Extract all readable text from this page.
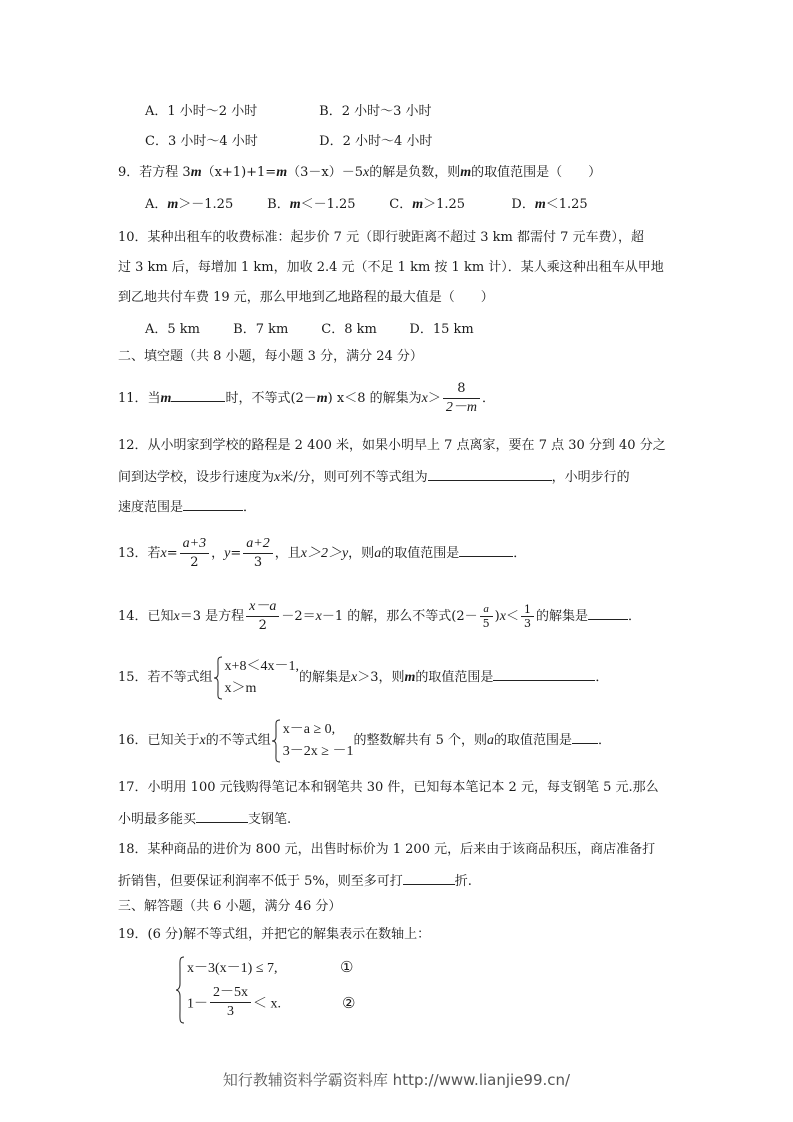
A．1 小时～2 小时	B．2 小时～3 小时
C．3 小时～4 小时	D．2 小时～4 小时
9．若方程 3m（x+1)+1=m（3－x）－5x的解是负数，则m的取值范围是（　　）
A．m＞－1.25	B．m＜－1.25	C．m＞1.25	D．m＜1.25
10．某种出租车的收费标准：起步价 7 元（即行驶距离不超过 3 km 都需付 7 元车费），超
过 3 km 后，每增加 1 km，加收 2.4 元（不足 1 km 按 1 km 计）．某人乘这种出租车从甲地
到乙地共付车费 19 元，那么甲地到乙地路程的最大值是（　　）
A．5 km	B．7 km	C．8 km	D．15 km
二、填空题（共 8 小题，每小题 3 分，满分 24 分）
11．当m	时，不等式(2－m) x＜8 的解集为$x> \frac{8}{2-m}$ ．
12．从小明家到学校的路程是 2 400 米，如果小明早上 7 点离家，要在 7 点 30 分到 40 分之
间到达学校，设步行速度为x米/分，则可列不等式组为	，小明步行的
速度范围是	．
13．若$x= \frac{a+3}{2}$ ，$y= \frac{a+2}{3}$ ，且x＞2＞y，则a的取值范围是	．
14．已知x＝3 是方程 $\frac{x-a}{2} -2=x-1$ 的解，那么不等式$(2- \frac{a}{5} )x< \frac{1}{3}$ 的解集是	．
15．若不等式组
x+8＜4x－1,
x＞m
的解集是x＞3，则m的取值范围是	．
16．已知关于x的不等式组
x－a ≥ 0,
3－2x ≥ －1
的整数解共有 5 个，则a的取值范围是 ．
17．小明用 100 元钱购得笔记本和钢笔共 30 件，已知每本笔记本 2 元，每支钢笔 5 元.那么
小明最多能买	支钢笔.
18．某种商品的进价为 800 元，出售时标价为 1 200 元，后来由于该商品积压，商店准备打
折销售，但要保证利润率不低于 5%，则至多可打	折.
三、解答题（共 6 小题，满分 46 分）
19．(6 分)解不等式组，并把它的解集表示在数轴上：
x－3(x－1) ≤ 7,
$1- \frac{2-5x}{3} < x$.
①
②
知行教辅资料学霸资料库 http://www.lianjie99.cn/
